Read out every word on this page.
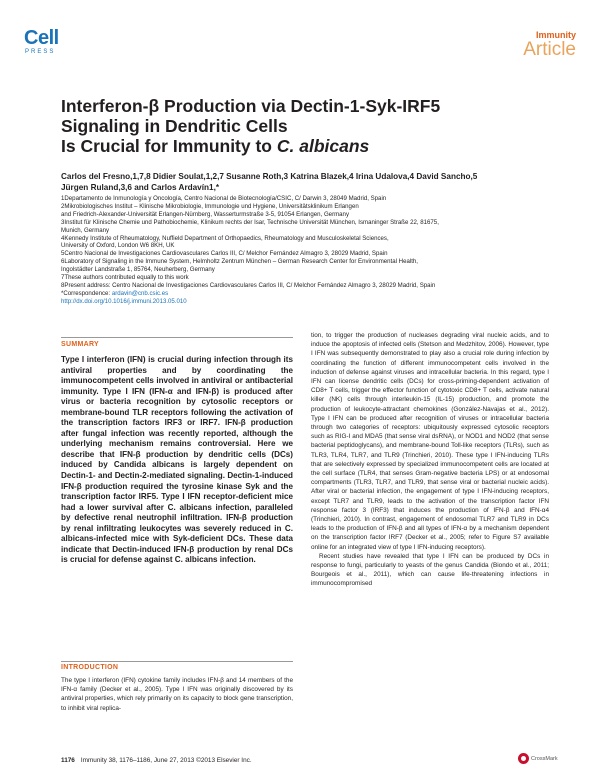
Cell
PRESS
Immunity
Article
Interferon-β Production via Dectin-1-Syk-IRF5
Signaling in Dendritic Cells
Is Crucial for Immunity to C. albicans
Carlos del Fresno,1,7,8 Didier Soulat,1,2,7 Susanne Roth,3 Katrina Blazek,4 Irina Udalova,4 David Sancho,5
Jürgen Ruland,3,6 and Carlos Ardavín1,*

1Departamento de Inmunología y Oncología, Centro Nacional de Biotecnología/CSIC, C/ Darwin 3, 28049 Madrid, Spain

2Mikrobiologisches Institut – Klinische Mikrobiologie, Immunologie und Hygiene, Universitätsklinikum Erlangen

and Friedrich-Alexander-Universität Erlangen-Nürnberg, Wasserturmstraße 3-5, 91054 Erlangen, Germany

3Institut für Klinische Chemie und Pathobiochemie, Klinikum rechts der Isar, Technische Universität München, Ismaninger Straße 22, 81675,

Munich, Germany

4Kennedy Institute of Rheumatology, Nuffield Department of Orthopaedics, Rheumatology and Musculoskeletal Sciences,

University of Oxford, London W6 8KH, UK

5Centro Nacional de Investigaciones Cardiovasculares Carlos III, C/ Melchor Fernández Almagro 3, 28029 Madrid, Spain

6Laboratory of Signaling in the Immune System, Helmholtz Zentrum München – German Research Center for Environmental Health,

Ingolstädter Landstraße 1, 85764, Neuherberg, Germany

7These authors contributed equally to this work

8Present address: Centro Nacional de Investigaciones Cardiovasculares Carlos III, C/ Melchor Fernández Almagro 3, 28029 Madrid, Spain

*Correspondence: ardavin@cnb.csic.es

http://dx.doi.org/10.1016/j.immuni.2013.05.010

SUMMARY
Type I interferon (IFN) is crucial during infection through its antiviral properties and by coordinating the immunocompetent cells involved in antiviral or antibacterial immunity. Type I IFN (IFN-α and IFN-β) is produced after virus or bacteria recognition by cytosolic receptors or membrane-bound TLR receptors following the activation of the transcription factors IRF3 or IRF7. IFN-β production after fungal infection was recently reported, although the underlying mechanism remains controversial. Here we describe that IFN-β production by dendritic cells (DCs) induced by Candida albicans is largely dependent on Dectin-1- and Dectin-2-mediated signaling. Dectin-1-induced IFN-β production required the tyrosine kinase Syk and the transcription factor IRF5. Type I IFN receptor-deficient mice had a lower survival after C. albicans infection, paralleled by defective renal neutrophil infiltration. IFN-β production by renal infiltrating leukocytes was severely reduced in C. albicans-infected mice with Syk-deficient DCs. These data indicate that Dectin-induced IFN-β production by renal DCs is crucial for defense against C. albicans infection.
INTRODUCTION
The type I interferon (IFN) cytokine family includes IFN-β and 14 members of the IFN-α family (Decker et al., 2005). Type I IFN was originally discovered by its antiviral properties, which rely primarily on its capacity to block gene transcription, to inhibit viral replica-

tion, to trigger the production of nucleases degrading viral nucleic acids, and to induce the apoptosis of infected cells (Stetson and Medzhitov, 2006). However, type I IFN was subsequently demonstrated to play also a crucial role during infection by coordinating the function of different immunocompetent cells involved in the induction of defense against viruses and intracellular bacteria. In this regard, type I IFN can license dendritic cells (DCs) for cross-priming-dependent activation of CD8+ T cells, trigger the effector function of cytotoxic CD8+ T cells, activate natural killer (NK) cells through interleukin-15 (IL-15) production, and promote the production of leukocyte-attractant chemokines (González-Navajas et al., 2012). Type I IFN can be produced after recognition of viruses or intracellular bacteria through two categories of receptors: ubiquitously expressed cytosolic receptors such as RIG-I and MDA5 (that sense viral dsRNA), or NOD1 and NOD2 (that sense bacterial peptidoglycans), and membrane-bound Toll-like receptors (TLRs), such as TLR3, TLR4, TLR7, and TLR9 (Trinchieri, 2010). These type I IFN-inducing TLRs that are selectively expressed by specialized immunocompetent cells are located at the cell surface (TLR4, that senses Gram-negative bacteria LPS) or at endosomal compartments (TLR3, TLR7, and TLR9, that sense viral or bacterial nucleic acids). After viral or bacterial infection, the engagement of type I IFN-inducing receptors, except TLR7 and TLR9, leads to the activation of the transcription factor IFN response factor 3 (IRF3) that induces the production of IFN-β and IFN-α4 (Trinchieri, 2010). In contrast, engagement of endosomal TLR7 and TLR9 in DCs leads to the production of IFN-β and all types of IFN-α by a mechanism dependent on the transcription factor IRF7 (Decker et al., 2005; refer to Figure S7 available online for an integrated view of type I IFN-inducing receptors).

Recent studies have revealed that type I IFN can be produced by DCs in response to fungi, particularly to yeasts of the genus Candida (Biondo et al., 2011; Bourgeois et al., 2011), which can cause life-threatening infections in immunocompromised

1176 Immunity 38, 1176–1186, June 27, 2013 ©2013 Elsevier Inc.	CrossMark
